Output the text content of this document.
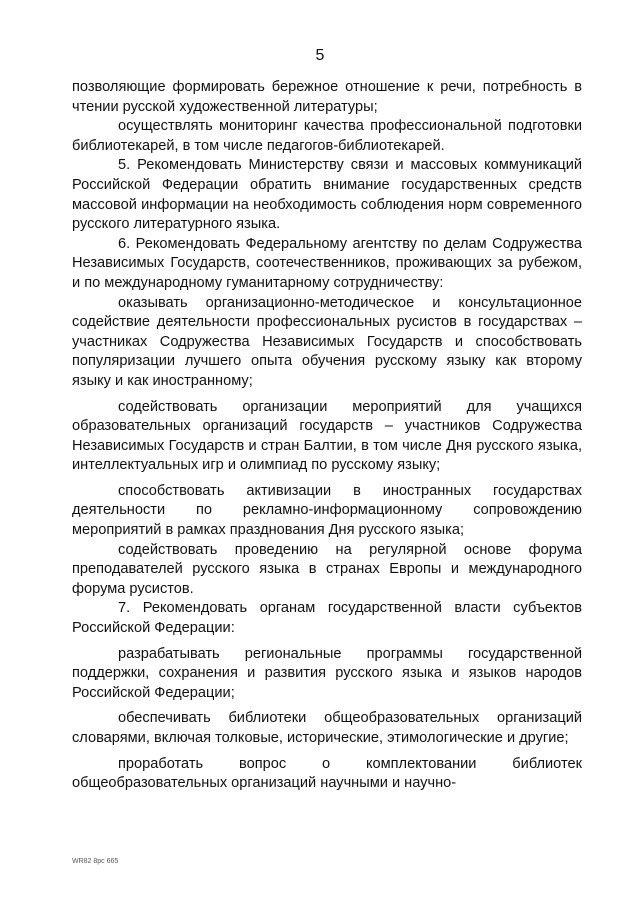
5

позволяющие формировать бережное отношение к речи, потребность в чтении русской художественной литературы;

осуществлять мониторинг качества профессиональной подготовки библиотекарей, в том числе педагогов-библиотекарей.

5. Рекомендовать Министерству связи и массовых коммуникаций Российской Федерации обратить внимание государственных средств массовой информации на необходимость соблюдения норм современного русского литературного языка.

6. Рекомендовать Федеральному агентству по делам Содружества Независимых Государств, соотечественников, проживающих за рубежом, и по международному гуманитарному сотрудничеству:

оказывать организационно-методическое и консультационное содействие деятельности профессиональных русистов в государствах – участниках Содружества Независимых Государств и способствовать популяризации лучшего опыта обучения русскому языку как второму языку и как иностранному;

содействовать организации мероприятий для учащихся образовательных организаций государств – участников Содружества Независимых Государств и стран Балтии, в том числе Дня русского языка, интеллектуальных игр и олимпиад по русскому языку;

способствовать активизации в иностранных государствах деятельности по рекламно-информационному сопровождению мероприятий в рамках празднования Дня русского языка;

содействовать проведению на регулярной основе форума преподавателей русского языка в странах Европы и международного форума русистов.

7. Рекомендовать органам государственной власти субъектов Российской Федерации:

разрабатывать региональные программы государственной поддержки, сохранения и развития русского языка и языков народов Российской Федерации;

обеспечивать библиотеки общеобразовательных организаций словарями, включая толковые, исторические, этимологические и другие;

проработать вопрос о комплектовании библиотек общеобразовательных организаций научными и научно-

WR82 8pc 665
